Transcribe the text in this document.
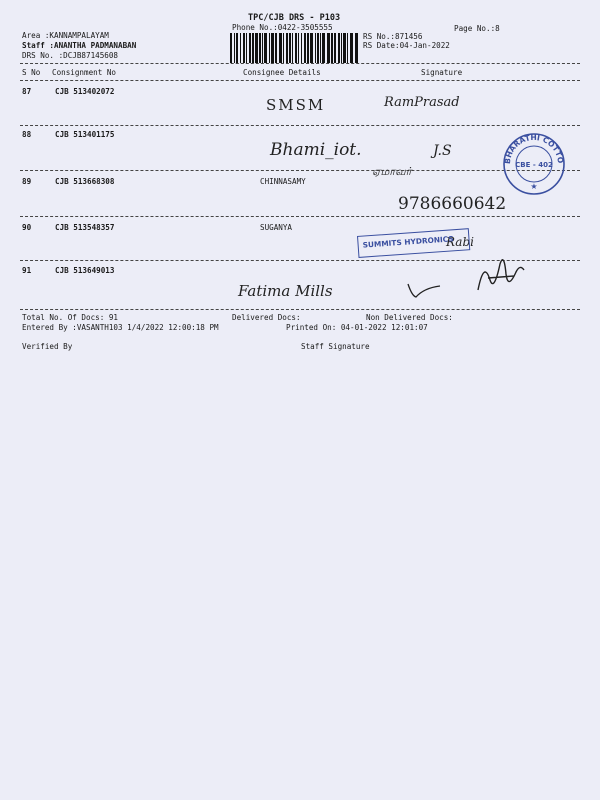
TPC/CJB DRS - P103
Phone No.:0422-3505555	Page No.:8
Area :KANNAMPALAYAM
Staff :ANANTHA PADMANABAN
DRS No. :DCJB87145608
RS No.:871456
RS Date:04-Jan-2022
S No Consignment No	Consignee Details	Signature
87	CJB 513402072
SMSM	RamPrasad
88	CJB 513401175
Bhami_iot.	J.S
89	CJB 513668308	CHINNASAMY
ஏமாவர்
9786660642
90	CJB 513548357	SUGANYA
Rabi
91	CJB 513649013
Fatima Mills
Total No. Of Docs: 91	Delivered Docs:	Non Delivered Docs:
Entered By :VASANTH103 1/4/2022 12:00:18 PM	Printed On: 04-01-2022 12:01:07
Verified By	Staff Signature
BHARATHI COTTON
CBE - 402
★
SUMMITS HYDRONICS
